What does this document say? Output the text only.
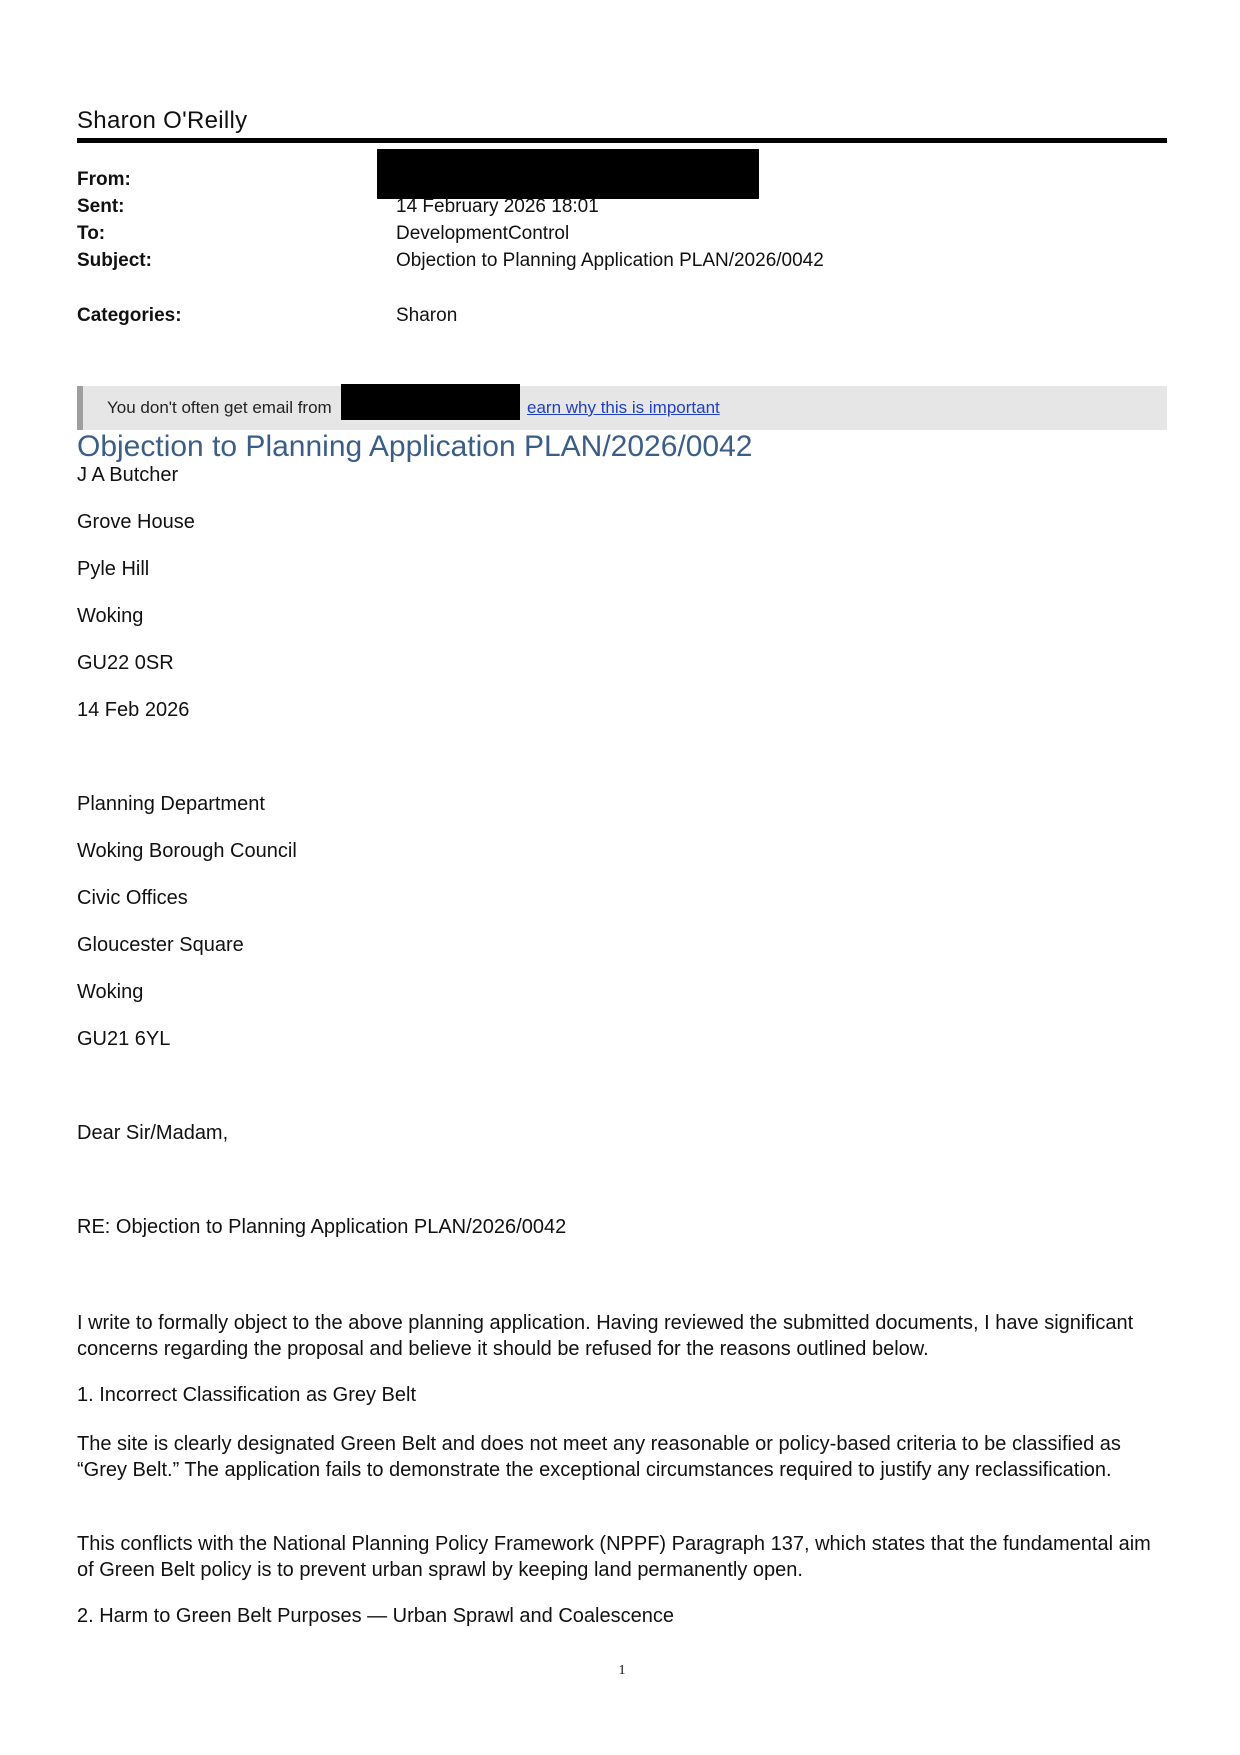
Sharon O'Reilly
From:
Sent:	14 February 2026 18:01
To:	DevelopmentControl
Subject:	Objection to Planning Application PLAN/2026/0042
Categories:	Sharon
You don't often get email from	earn why this is important
Objection to Planning Application PLAN/2026/0042
J A Butcher
Grove House
Pyle Hill
Woking
GU22 0SR
14 Feb 2026
Planning Department
Woking Borough Council
Civic Offices
Gloucester Square
Woking
GU21 6YL
Dear Sir/Madam,
RE: Objection to Planning Application PLAN/2026/0042
I write to formally object to the above planning application. Having reviewed the submitted documents, I have significant concerns regarding the proposal and believe it should be refused for the reasons outlined below.
1. Incorrect Classification as Grey Belt
The site is clearly designated Green Belt and does not meet any reasonable or policy-based criteria to be classified as “Grey Belt.” The application fails to demonstrate the exceptional circumstances required to justify any reclassification.
This conflicts with the National Planning Policy Framework (NPPF) Paragraph 137, which states that the fundamental aim of Green Belt policy is to prevent urban sprawl by keeping land permanently open.
2. Harm to Green Belt Purposes — Urban Sprawl and Coalescence
1
